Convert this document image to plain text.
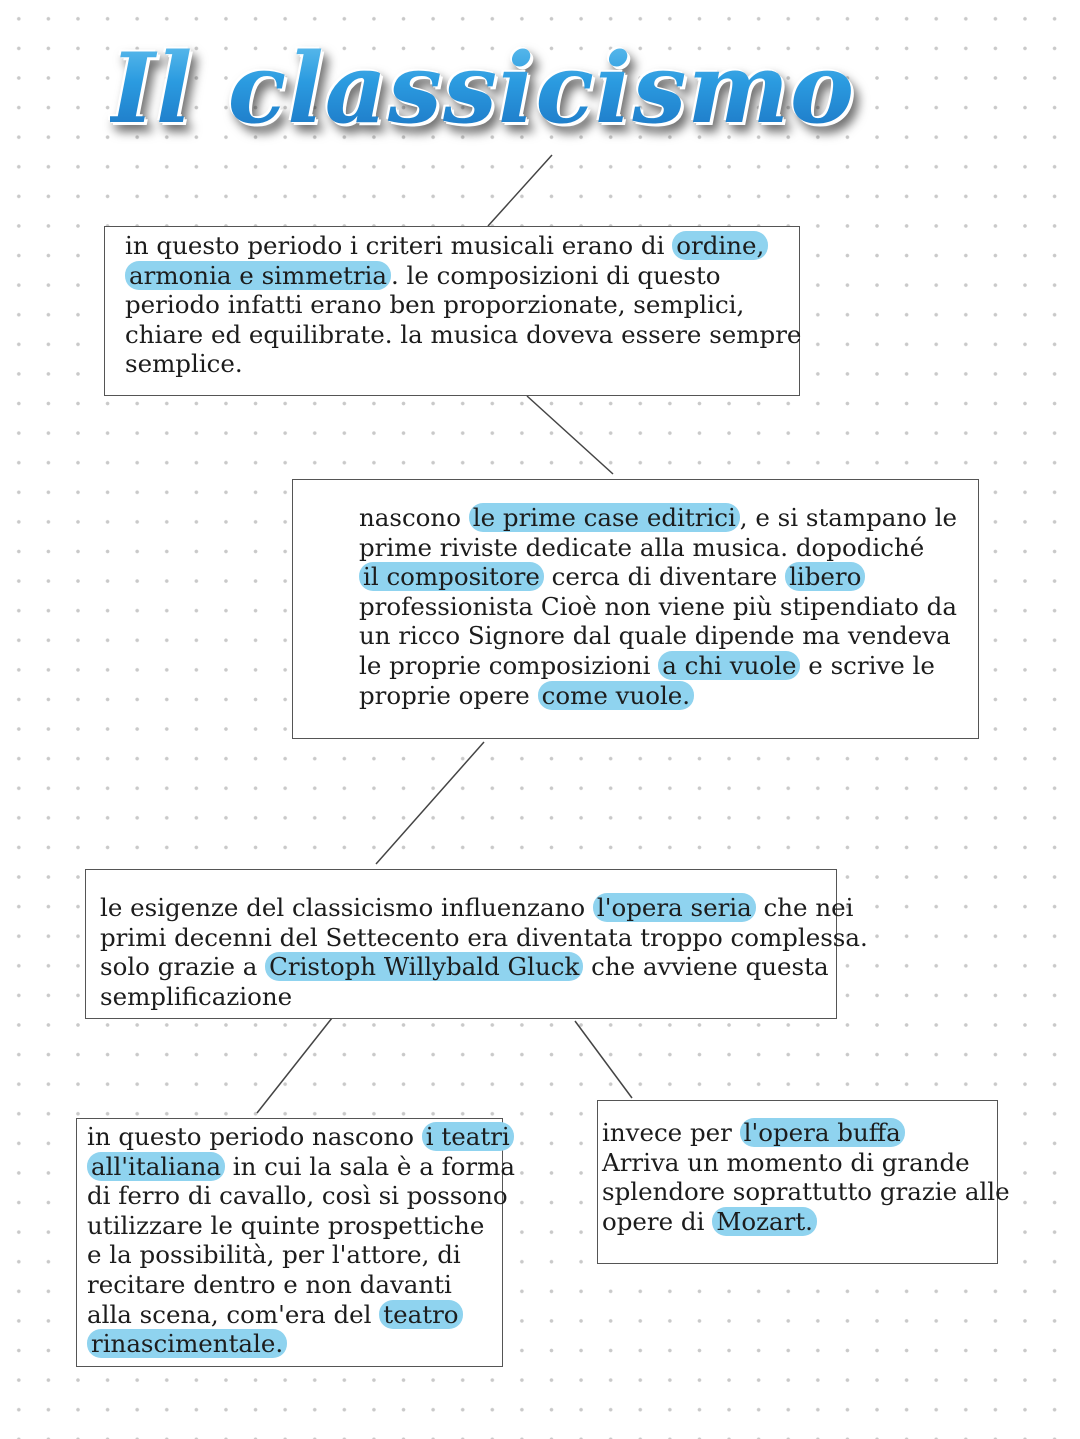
Il classicismo

in questo periodo i criteri musicali erano di ordine,

armonia e simmetria . le composizioni di questo

periodo infatti erano ben proporzionate, semplici,

chiare ed equilibrate. la musica doveva essere sempre

semplice.

nascono le prime case editrici , e si stampano le

prime riviste dedicate alla musica. dopodiché

il compositore cerca di diventare libero

professionista Cioè non viene più stipendiato da

un ricco Signore dal quale dipende ma vendeva

le proprie composizioni a chi vuole e scrive le

proprie opere come vuole.

le esigenze del classicismo influenzano l'opera seria che nei

primi decenni del Settecento era diventata troppo complessa.

solo grazie a Cristoph Willybald Gluck che avviene questa

semplificazione

in questo periodo nascono i teatri

all'italiana in cui la sala è a forma

di ferro di cavallo, così si possono

utilizzare le quinte prospettiche

e la possibilità, per l'attore, di

recitare dentro e non davanti

alla scena, com'era del teatro

rinascimentale.

invece per l'opera buffa

Arriva un momento di grande

splendore soprattutto grazie alle

opere di Mozart.
